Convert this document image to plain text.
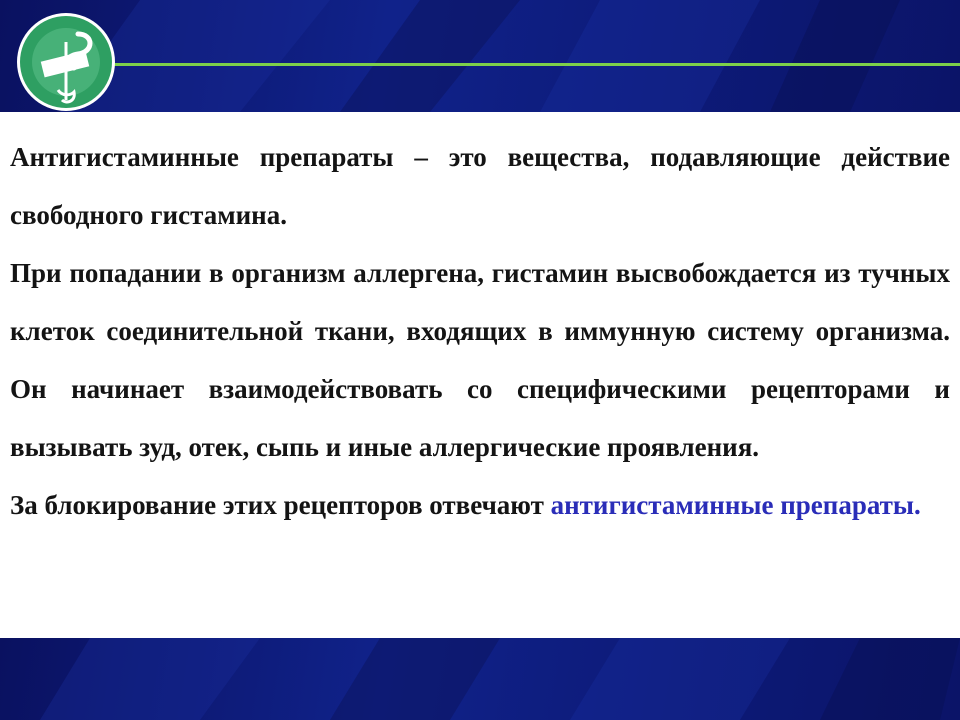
Антигистаминные препараты – это вещества, подавляющие действие свободного гистамина.

При попадании в организм аллергена, гистамин высвобождается из тучных клеток соединительной ткани, входящих в иммунную систему организма. Он начинает взаимодействовать со специфическими рецепторами и вызывать зуд, отек, сыпь и иные аллергические проявления.

За блокирование этих рецепторов отвечают антигистаминные препараты.
